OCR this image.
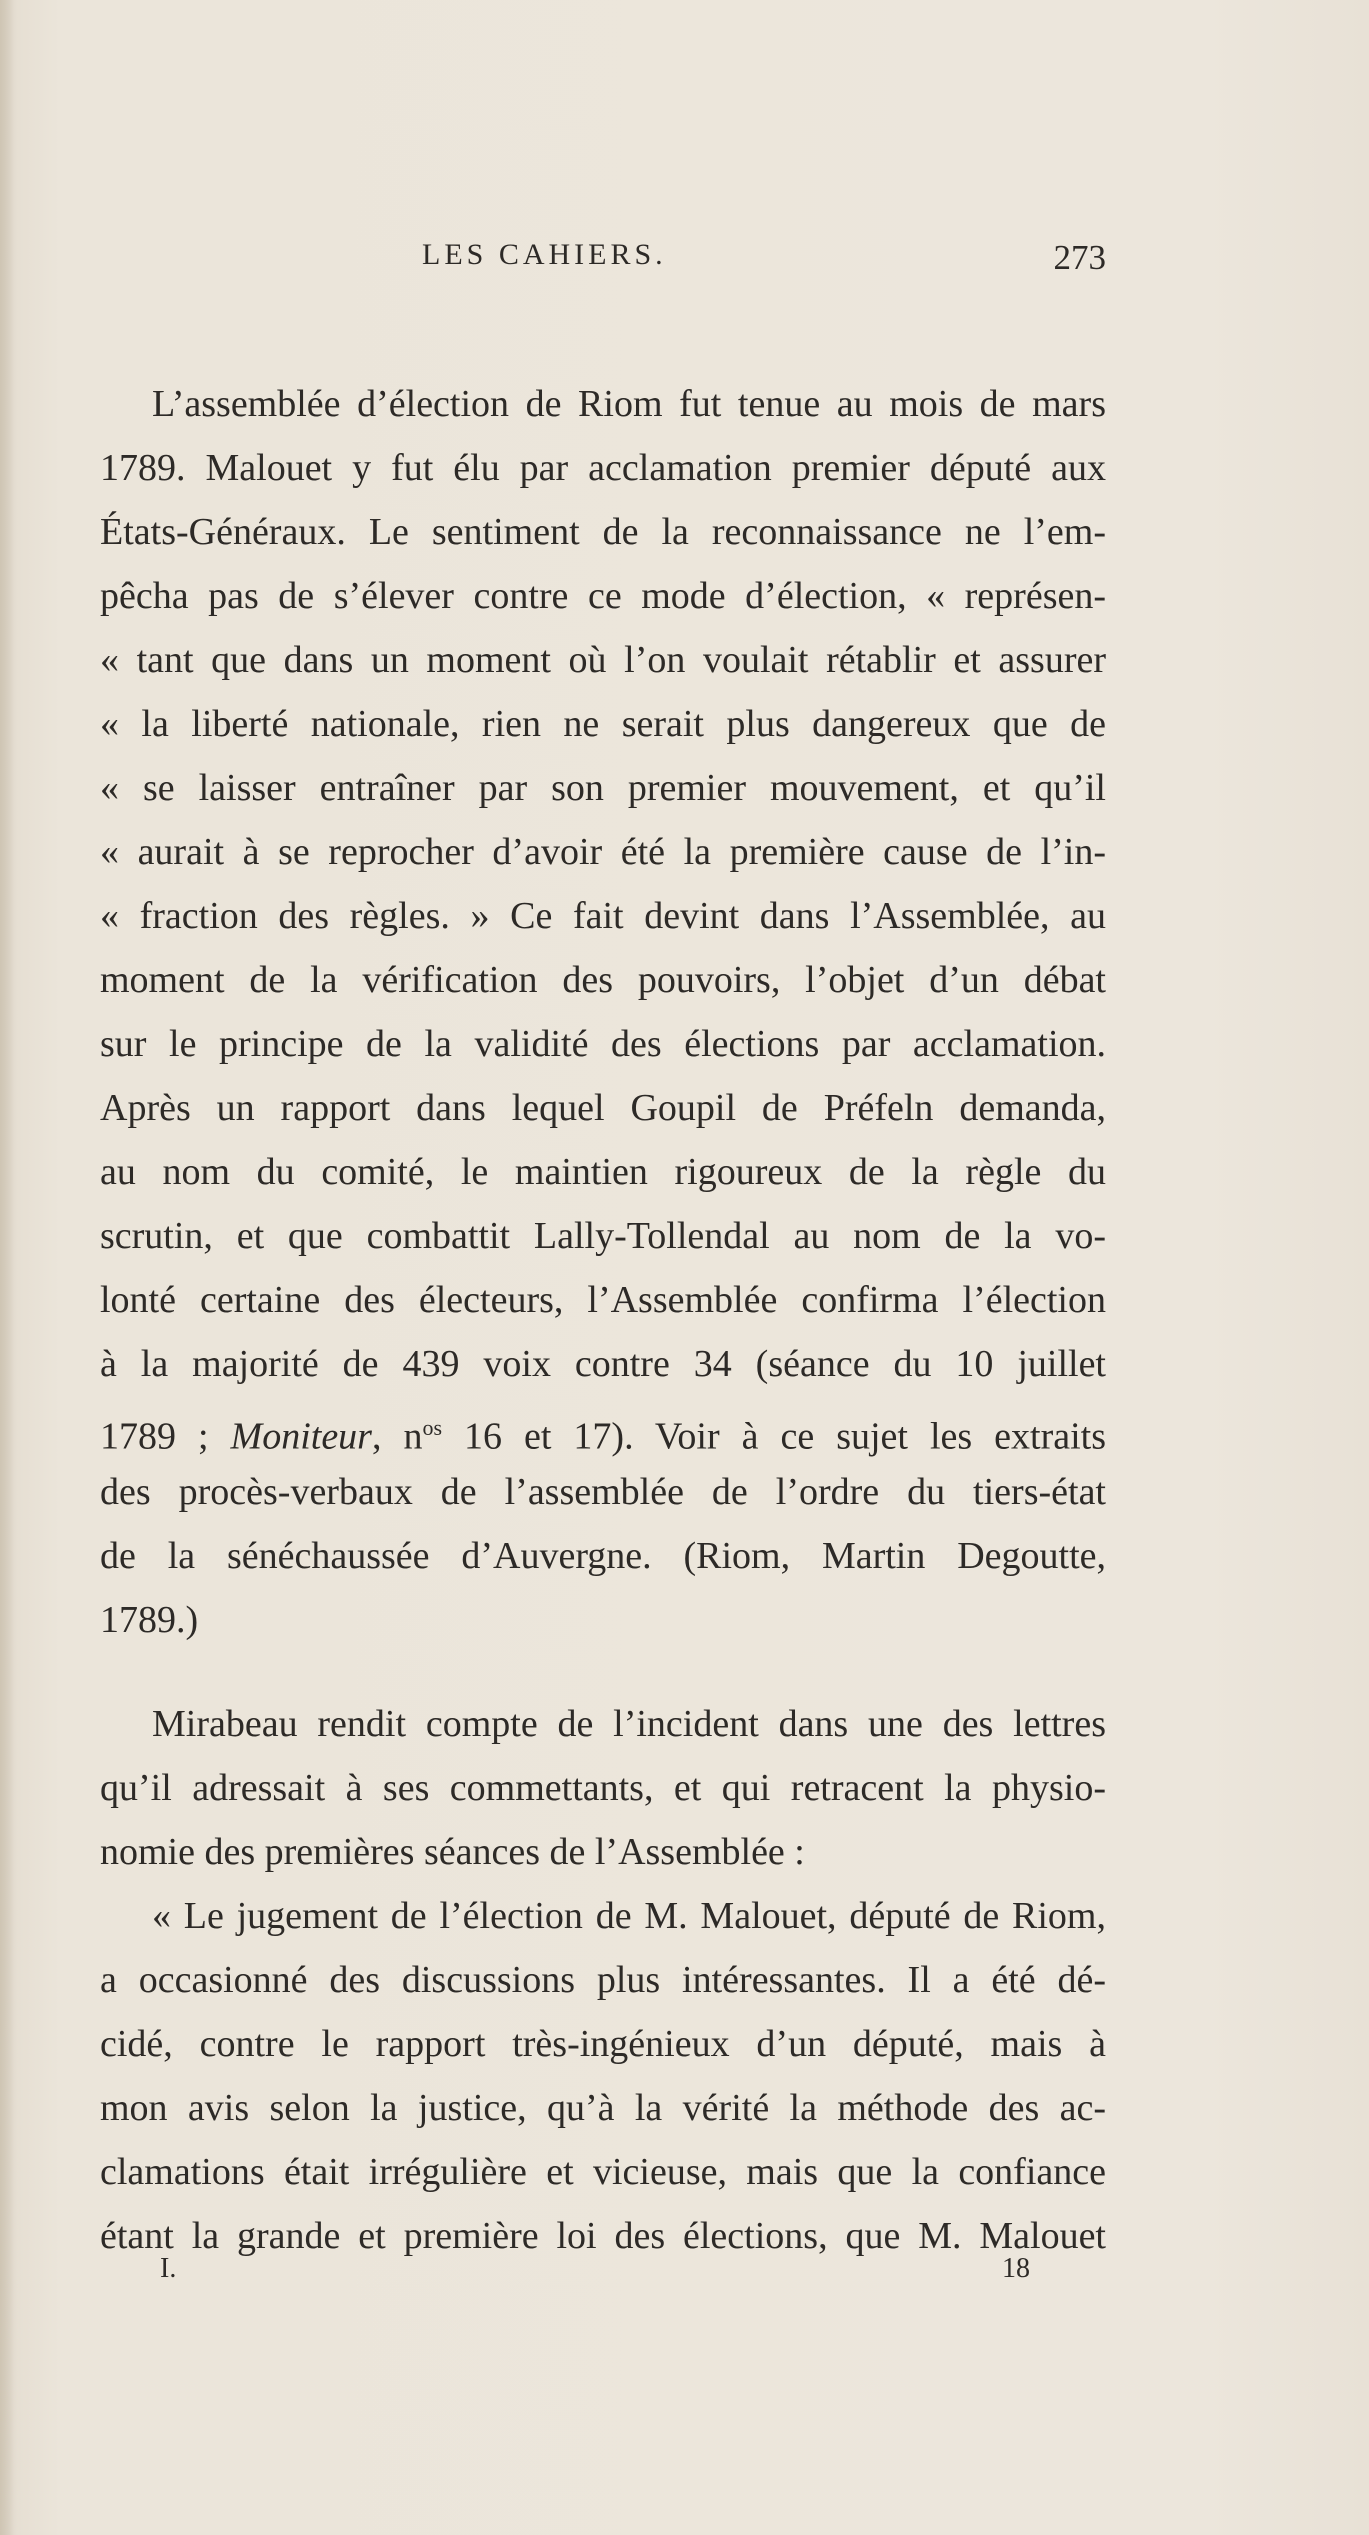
LES CAHIERS.	273
L’assemblée d’élection de Riom fut tenue au mois de mars
1789. Malouet y fut élu par acclamation premier député aux
États-Généraux. Le sentiment de la reconnaissance ne l’em-
pêcha pas de s’élever contre ce mode d’élection, « représen-
« tant que dans un moment où l’on voulait rétablir et assurer
« la liberté nationale, rien ne serait plus dangereux que de
« se laisser entraîner par son premier mouvement, et qu’il
« aurait à se reprocher d’avoir été la première cause de l’in-
« fraction des règles. » Ce fait devint dans l’Assemblée, au
moment de la vérification des pouvoirs, l’objet d’un débat
sur le principe de la validité des élections par acclamation.
Après un rapport dans lequel Goupil de Préfeln demanda,
au nom du comité, le maintien rigoureux de la règle du
scrutin, et que combattit Lally-Tollendal au nom de la vo-
lonté certaine des électeurs, l’Assemblée confirma l’élection
à la majorité de 439 voix contre 34 (séance du 10 juillet
1789 ; Moniteur, $n^{os}$ 16 et 17). Voir à ce sujet les extraits
des procès-verbaux de l’assemblée de l’ordre du tiers-état
de la sénéchaussée d’Auvergne. (Riom, Martin Degoutte,
1789.)
Mirabeau rendit compte de l’incident dans une des lettres
qu’il adressait à ses commettants, et qui retracent la physio-
nomie des premières séances de l’Assemblée :
« Le jugement de l’élection de M. Malouet, député de Riom,
a occasionné des discussions plus intéressantes. Il a été dé-
cidé, contre le rapport très-ingénieux d’un député, mais à
mon avis selon la justice, qu’à la vérité la méthode des ac-
clamations était irrégulière et vicieuse, mais que la confiance
étant la grande et première loi des élections, que M. Malouet
I.	18
